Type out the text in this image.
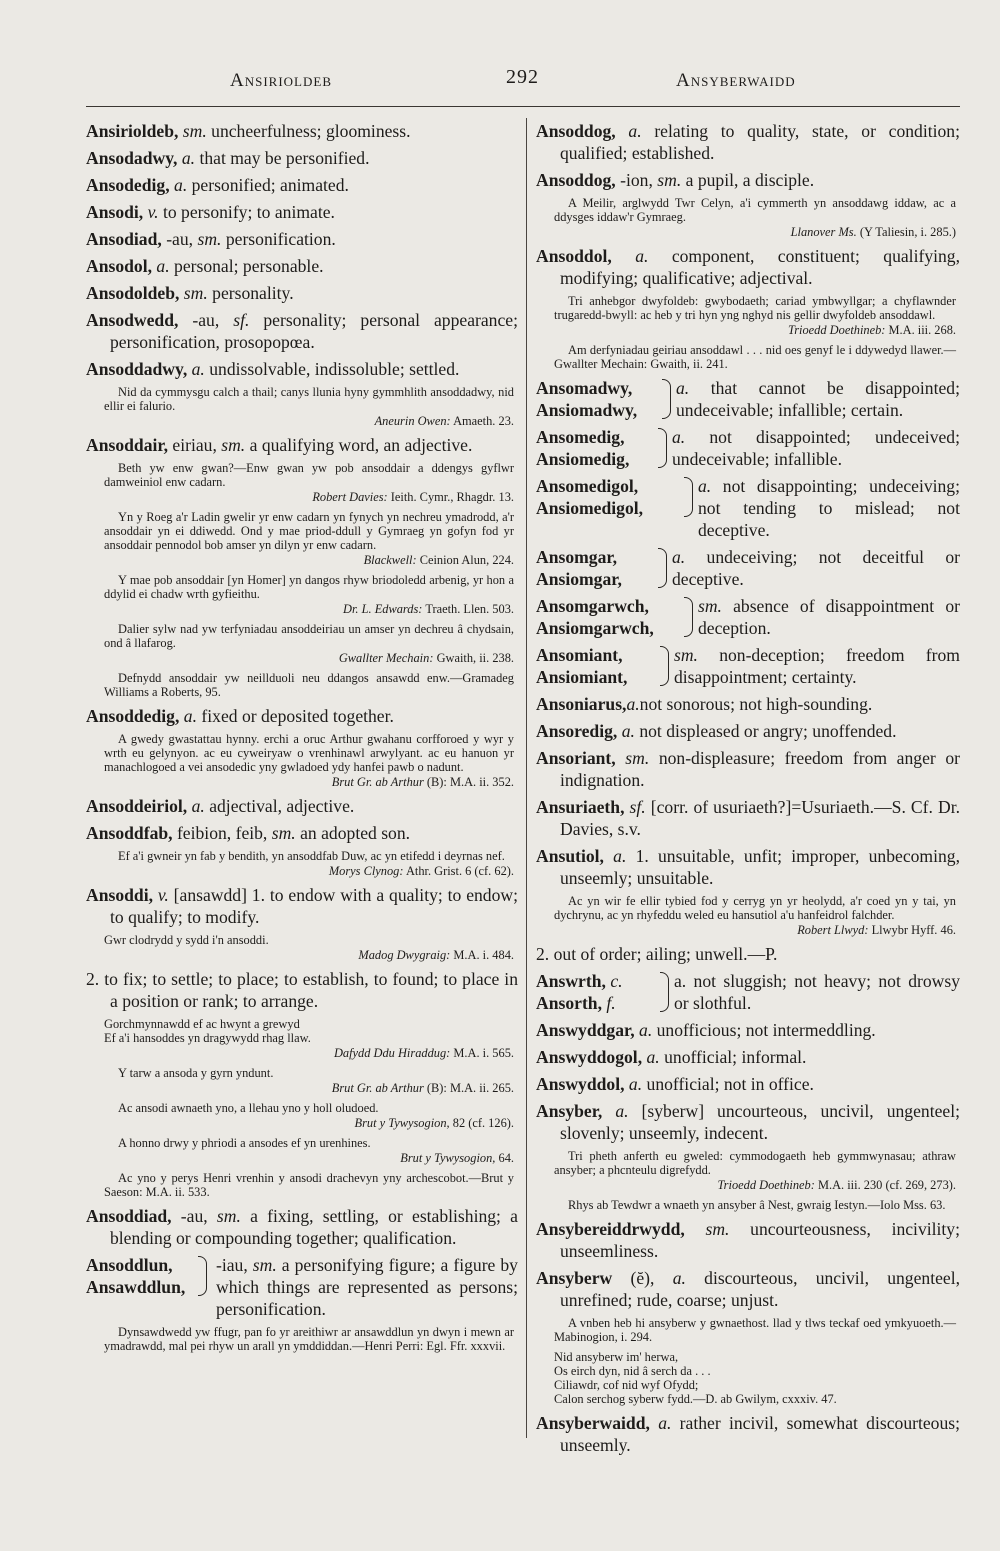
Ansirioldeb	292	Ansyberwaidd

Ansirioldeb, sm. uncheerfulness; gloominess.

Ansodadwy, a. that may be personified.

Ansodedig, a. personified; animated.

Ansodi, v. to personify; to animate.

Ansodiad, -au, sm. personification.

Ansodol, a. personal; personable.

Ansodoldeb, sm. personality.

Ansodwedd, -au, sf. personality; personal appearance; personification, prosopopœa.

Ansoddadwy, a. undissolvable, indissoluble; settled.

Nid da cymmysgu calch a thail; canys llunia hyny gymmhlith ansoddadwy, nid ellir ei falurio.

Aneurin Owen: Amaeth. 23.

Ansoddair, eiriau, sm. a qualifying word, an adjective.

Beth yw enw gwan?—Enw gwan yw pob ansoddair a ddengys gyflwr damweiniol enw cadarn.

Robert Davies: Ieith. Cymr., Rhagdr. 13.

Yn y Roeg a'r Ladin gwelir yr enw cadarn yn fynych yn nechreu ymadrodd, a'r ansoddair yn ei ddiwedd. Ond y mae priod-ddull y Gymraeg yn gofyn fod yr ansoddair pennodol bob amser yn dilyn yr enw cadarn.

Blackwell: Ceinion Alun, 224.

Y mae pob ansoddair [yn Homer] yn dangos rhyw briodoledd arbenig, yr hon a ddylid ei chadw wrth gyfieithu.

Dr. L. Edwards: Traeth. Llen. 503.

Dalier sylw nad yw terfyniadau ansoddeiriau un amser yn dechreu â chydsain, ond â llafarog.

Gwallter Mechain: Gwaith, ii. 238.

Defnydd ansoddair yw neillduoli neu ddangos ansawdd enw.—Gramadeg Williams a Roberts, 95.

Ansoddedig, a. fixed or deposited together.

A gwedy gwastattau hynny. erchi a oruc Arthur gwahanu corfforoed y wyr y wrth eu gelynyon. ac eu cyweiryaw o vrenhinawl arwylyant. ac eu hanuon yr manachlogoed a vei ansodedic yny gwladoed ydy hanfei pawb o nadunt.

Brut Gr. ab Arthur (B): M.A. ii. 352.

Ansoddeiriol, a. adjectival, adjective.

Ansoddfab, feibion, feib, sm. an adopted son.

Ef a'i gwneir yn fab y bendith, yn ansoddfab Duw, ac yn etifedd i deyrnas nef.

Morys Clynog: Athr. Grist. 6 (cf. 62).

Ansoddi, v. [ansawdd] 1. to endow with a quality; to endow; to qualify; to modify.

Gwr clodrydd y sydd i'n ansoddi.

Madog Dwygraig: M.A. i. 484.

2. to fix; to settle; to place; to establish, to found; to place in a position or rank; to arrange.

Gorchmynnawdd ef ac hwynt a grewyd
Ef a'i hansoddes yn dragywydd rhag llaw.

Dafydd Ddu Hiraddug: M.A. i. 565.

Y tarw a ansoda y gyrn yndunt.

Brut Gr. ab Arthur (B): M.A. ii. 265.

Ac ansodi awnaeth yno, a llehau yno y holl oludoed.

Brut y Tywysogion, 82 (cf. 126).

A honno drwy y phriodi a ansodes ef yn urenhines.

Brut y Tywysogion, 64.

Ac yno y perys Henri vrenhin y ansodi drachevyn yny archescobot.—Brut y Saeson: M.A. ii. 533.

Ansoddiad, -au, sm. a fixing, settling, or establishing; a blending or compounding together; qualification.

Ansoddlun,
Ansawddlun,
-iau, sm. a personifying figure; a figure by which things are represented as persons; personification.

Dynsawdwedd yw ffugr, pan fo yr areithiwr ar ansawddlun yn dwyn i mewn ar ymadrawdd, mal pei rhyw un arall yn ymddiddan.—Henri Perri: Egl. Ffr. xxxvii.

Ansoddog, a. relating to quality, state, or condition; qualified; established.

Ansoddog, -ion, sm. a pupil, a disciple.

A Meilir, arglwydd Twr Celyn, a'i cymmerth yn ansoddawg iddaw, ac a ddysges iddaw'r Gymraeg.

Llanover Ms. (Y Taliesin, i. 285.)

Ansoddol, a. component, constituent; qualifying, modifying; qualificative; adjectival.

Tri anhebgor dwyfoldeb: gwybodaeth; cariad ymbwyllgar; a chyflawnder trugaredd-bwyll: ac heb y tri hyn yng nghyd nis gellir dwyfoldeb ansoddawl.

Trioedd Doethineb: M.A. iii. 268.

Am derfyniadau geiriau ansoddawl . . . nid oes genyf le i ddywedyd llawer.—Gwallter Mechain: Gwaith, ii. 241.

Ansomadwy,
Ansiomadwy,
a. that cannot be disappointed; undeceivable; infallible; certain.
Ansomedig,
Ansiomedig,
a. not disappointed; undeceived; undeceivable; infallible.
Ansomedigol,
Ansiomedigol,
a. not disappointing; undeceiving; not tending to mislead; not deceptive.
Ansomgar,
Ansiomgar,
a. undeceiving; not deceitful or deceptive.
Ansomgarwch,
Ansiomgarwch,
sm. absence of disappointment or deception.
Ansomiant,
Ansiomiant,
sm. non-deception; freedom from disappointment; certainty.

Ansoniarus,a.not sonorous; not high-sounding.

Ansoredig, a. not displeased or angry; unoffended.

Ansoriant, sm. non-displeasure; freedom from anger or indignation.

Ansuriaeth, sf. [corr. of usuriaeth?]=Usuriaeth.—S. Cf. Dr. Davies, s.v.

Ansutiol, a. 1. unsuitable, unfit; improper, unbecoming, unseemly; unsuitable.

Ac yn wir fe ellir tybied fod y cerryg yn yr heolydd, a'r coed yn y tai, yn dychrynu, ac yn rhyfeddu weled eu hansutiol a'u hanfeidrol falchder.

Robert Llwyd: Llwybr Hyff. 46.

2. out of order; ailing; unwell.—P.

Answrth, c.
Ansorth, f.
a. not sluggish; not heavy; not drowsy or slothful.

Answyddgar, a. unofficious; not intermeddling.

Answyddogol, a. unofficial; informal.

Answyddol, a. unofficial; not in office.

Ansyber, a. [syberw] uncourteous, uncivil, ungenteel; slovenly; unseemly, indecent.

Tri pheth anferth eu gweled: cymmodogaeth heb gymmwynasau; athraw ansyber; a phcnteulu digrefydd.

Trioedd Doethineb: M.A. iii. 230 (cf. 269, 273).

Rhys ab Tewdwr a wnaeth yn ansyber â Nest, gwraig Iestyn.—Iolo Mss. 63.

Ansybereiddrwydd, sm. uncourteousness, incivility; unseemliness.

Ansyberw (ĕ), a. discourteous, uncivil, ungenteel, unrefined; rude, coarse; unjust.

A vnben heb hi ansyberw y gwnaethost. llad y tlws teckaf oed ymkyuoeth.—Mabinogion, i. 294.

Nid ansyberw im' herwa,
Os eirch dyn, nid â serch da . . .
Ciliawdr, cof nid wyf Ofydd;
Calon serchog syberw fydd.—D. ab Gwilym, cxxxiv. 47.

Ansyberwaidd, a. rather incivil, somewhat discourteous; unseemly.
